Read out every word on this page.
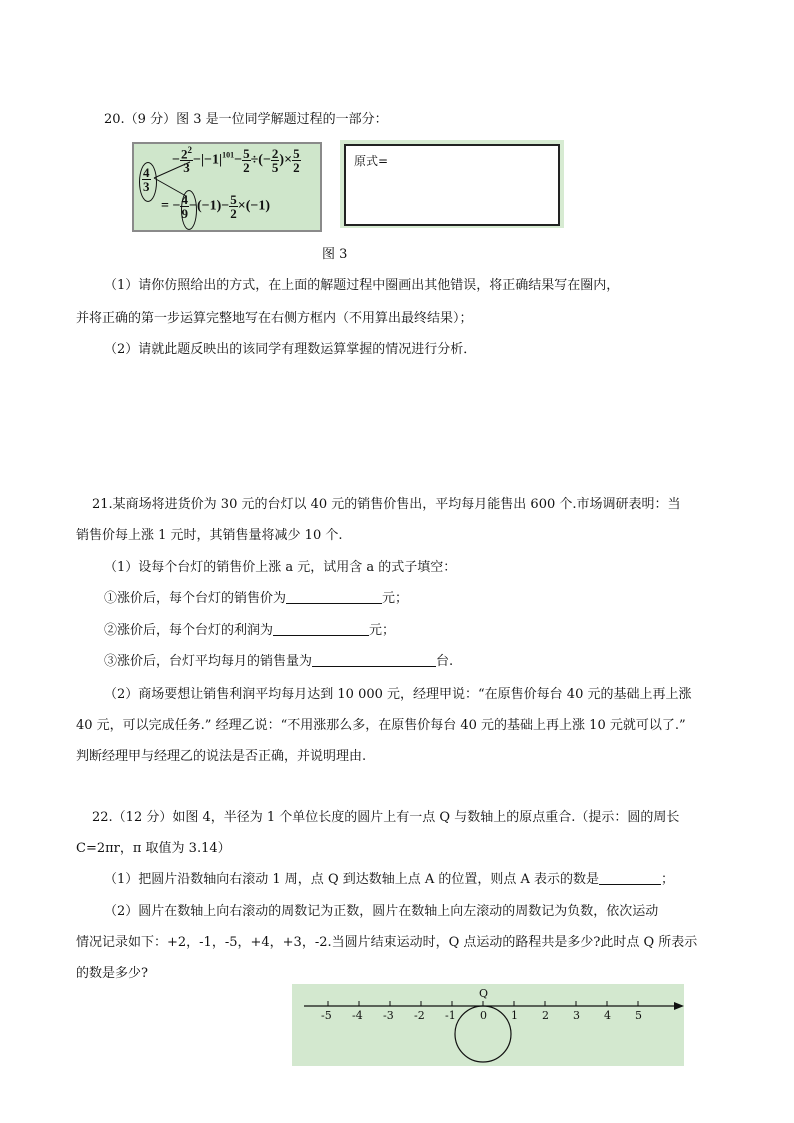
20.（9 分）图 3 是一位同学解题过程的一部分：
− $\frac{2^2}{3} -|-1|^{101}- \frac{5}{2}$ ÷(− $\frac{2}{5}$ )× $\frac{5}{2}$
$\frac{4}{3}$
= − $\frac{4}{9} -(-1)- \frac{5}{2} \times(-1)$
原式=
图 3
（1）请你仿照给出的方式，在上面的解题过程中圈画出其他错误，将正确结果写在圈内，
并将正确的第一步运算完整地写在右侧方框内（不用算出最终结果）；
（2）请就此题反映出的该同学有理数运算掌握的情况进行分析．
21.某商场将进货价为 30 元的台灯以 40 元的销售价售出，平均每月能售出 600 个.市场调研表明：当
销售价每上涨 1 元时，其销售量将减少 10 个.
（1）设每个台灯的销售价上涨 a 元，试用含 a 的式子填空：
①涨价后，每个台灯的销售价为	元；
②涨价后，每个台灯的利润为	元；
③涨价后，台灯平均每月的销售量为	台.
（2）商场要想让销售利润平均每月达到 10 000 元，经理甲说：“在原售价每台 40 元的基础上再上涨
40 元，可以完成任务.” 经理乙说：“不用涨那么多，在原售价每台 40 元的基础上再上涨 10 元就可以了.”
判断经理甲与经理乙的说法是否正确，并说明理由.
22.（12 分）如图 4，半径为 1 个单位长度的圆片上有一点 Q 与数轴上的原点重合.（提示：圆的周长
C=2πr，π 取值为 3.14）
（1）把圆片沿数轴向右滚动 1 周，点 Q 到达数轴上点 A 的位置，则点 A 表示的数是	；
（2）圆片在数轴上向右滚动的周数记为正数，圆片在数轴上向左滚动的周数记为负数，依次运动
情况记录如下：+2，-1，-5，+4，+3，-2.当圆片结束运动时，Q 点运动的路程共是多少?此时点 Q 所表示
的数是多少?
Q
-5 -4 -3 -2 -1 0 1 2 3 4 5
